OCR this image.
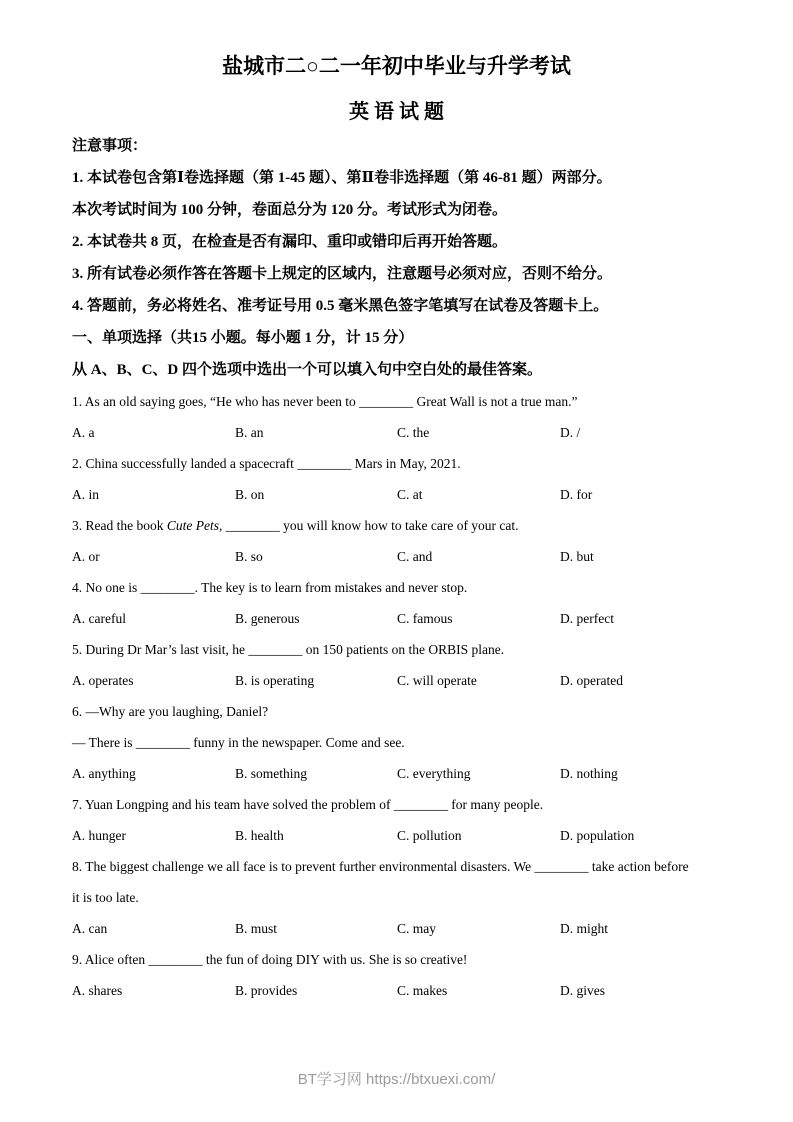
盐城市二○二一年初中毕业与升学考试
英 语 试 题
注意事项：
1. 本试卷包含第Ⅰ卷选择题（第 1-45 题）、第Ⅱ卷非选择题（第 46-81 题）两部分。
本次考试时间为 100 分钟，卷面总分为 120 分。考试形式为闭卷。
2. 本试卷共 8 页，在检查是否有漏印、重印或错印后再开始答题。
3. 所有试卷必须作答在答题卡上规定的区域内，注意题号必须对应，否则不给分。
4. 答题前，务必将姓名、准考证号用 0.5 毫米黑色签字笔填写在试卷及答题卡上。
一、单项选择（共15 小题。每小题 1 分，计 15 分）
从 A、B、C、D 四个选项中选出一个可以填入句中空白处的最佳答案。
1. As an old saying goes, “He who has never been to ________ Great Wall is not a true man.”
A. a	B. an	C. the	D. /
2. China successfully landed a spacecraft ________ Mars in May, 2021.
A. in	B. on	C. at	D. for
3. Read the book Cute Pets, ________ you will know how to take care of your cat.
A. or	B. so	C. and	D. but
4. No one is ________. The key is to learn from mistakes and never stop.
A. careful	B. generous	C. famous	D. perfect
5. During Dr Mar’s last visit, he ________ on 150 patients on the ORBIS plane.
A. operates	B. is operating	C. will operate	D. operated
6. —Why are you laughing, Daniel?
— There is ________ funny in the newspaper. Come and see.
A. anything	B. something	C. everything	D. nothing
7. Yuan Longping and his team have solved the problem of ________ for many people.
A. hunger	B. health	C. pollution	D. population
8. The biggest challenge we all face is to prevent further environmental disasters. We ________ take action before
it is too late.
A. can	B. must	C. may	D. might
9. Alice often ________ the fun of doing DIY with us. She is so creative!
A. shares	B. provides	C. makes	D. gives
BT学习网 https://btxuexi.com/
